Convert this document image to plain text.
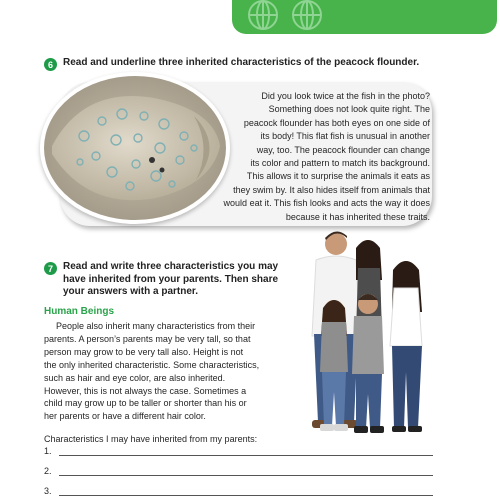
6	Read and underline three inherited characteristics of the peacock flounder.
Did you look twice at the fish in the photo?
Something does not look quite right. The
peacock flounder has both eyes on one side of
its body! This flat fish is unusual in another
way, too. The peacock flounder can change
its color and pattern to match its background.
This allows it to surprise the animals it eats as
they swim by. It also hides itself from animals that
would eat it. This fish looks and acts the way it does
because it has inherited these traits.
7	Read and write three characteristics you may
have inherited from your parents. Then share
your answers with a partner.
Human Beings
People also inherit many characteristics from their
parents. A person’s parents may be very tall, so that
person may grow to be very tall also. Height is not
the only inherited characteristic. Some characteristics,
such as hair and eye color, are also inherited.
However, this is not always the case. Sometimes a
child may grow up to be taller or shorter than his or
her parents or have a different hair color.
Characteristics I may have inherited from my parents:
1.
2.
3.
